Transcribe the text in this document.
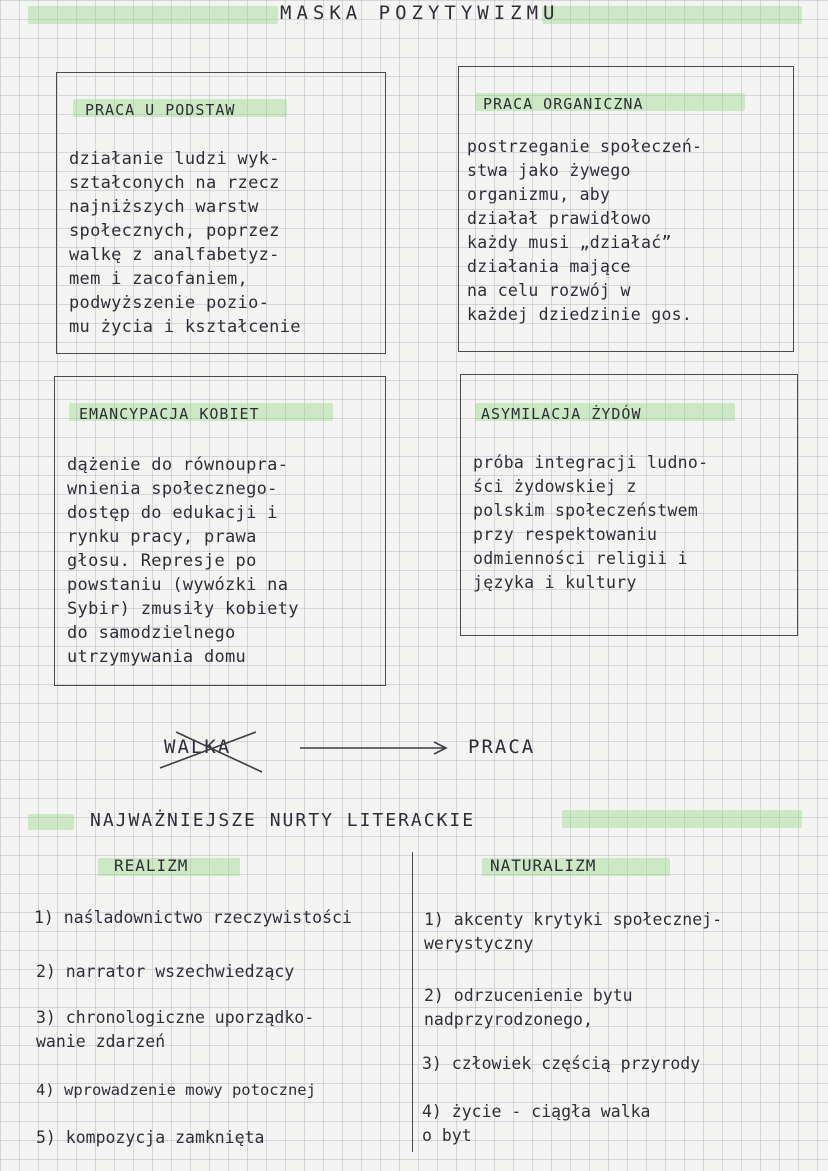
MASKA POZYTYWIZMU
PRACA U PODSTAW
działanie ludzi wyk-
ształconych na rzecz
najniższych warstw
społecznych, poprzez
walkę z analfabetyz-
mem i zacofaniem,
podwyższenie pozio-
mu życia i kształcenie
PRACA ORGANICZNA
postrzeganie społeczeń-
stwa jako żywego
organizmu, aby
działał prawidłowo
każdy musi „działać”
działania mające
na celu rozwój w
każdej dziedzinie gos.
EMANCYPACJA KOBIET
dążenie do równoupra-
wnienia społecznego-
dostęp do edukacji i
rynku pracy, prawa
głosu. Represje po
powstaniu (wywózki na
Sybir) zmusiły kobiety
do samodzielnego
utrzymywania domu
ASYMILACJA ŻYDÓW
próba integracji ludno-
ści żydowskiej z
polskim społeczeństwem
przy respektowaniu
odmienności religii i
języka i kultury
WALKA	PRACA
NAJWAŻNIEJSZE NURTY LITERACKIE
REALIZM	NATURALIZM
1) naśladownictwo rzeczywistości
2) narrator wszechwiedzący
3) chronologiczne uporządko-
wanie zdarzeń
4) wprowadzenie mowy potocznej
5) kompozycja zamknięta
1) akcenty krytyki społecznej-
werystyczny
2) odrzucenienie bytu
nadprzyrodzonego,
3) człowiek częścią przyrody
4) życie - ciągła walka
o byt
